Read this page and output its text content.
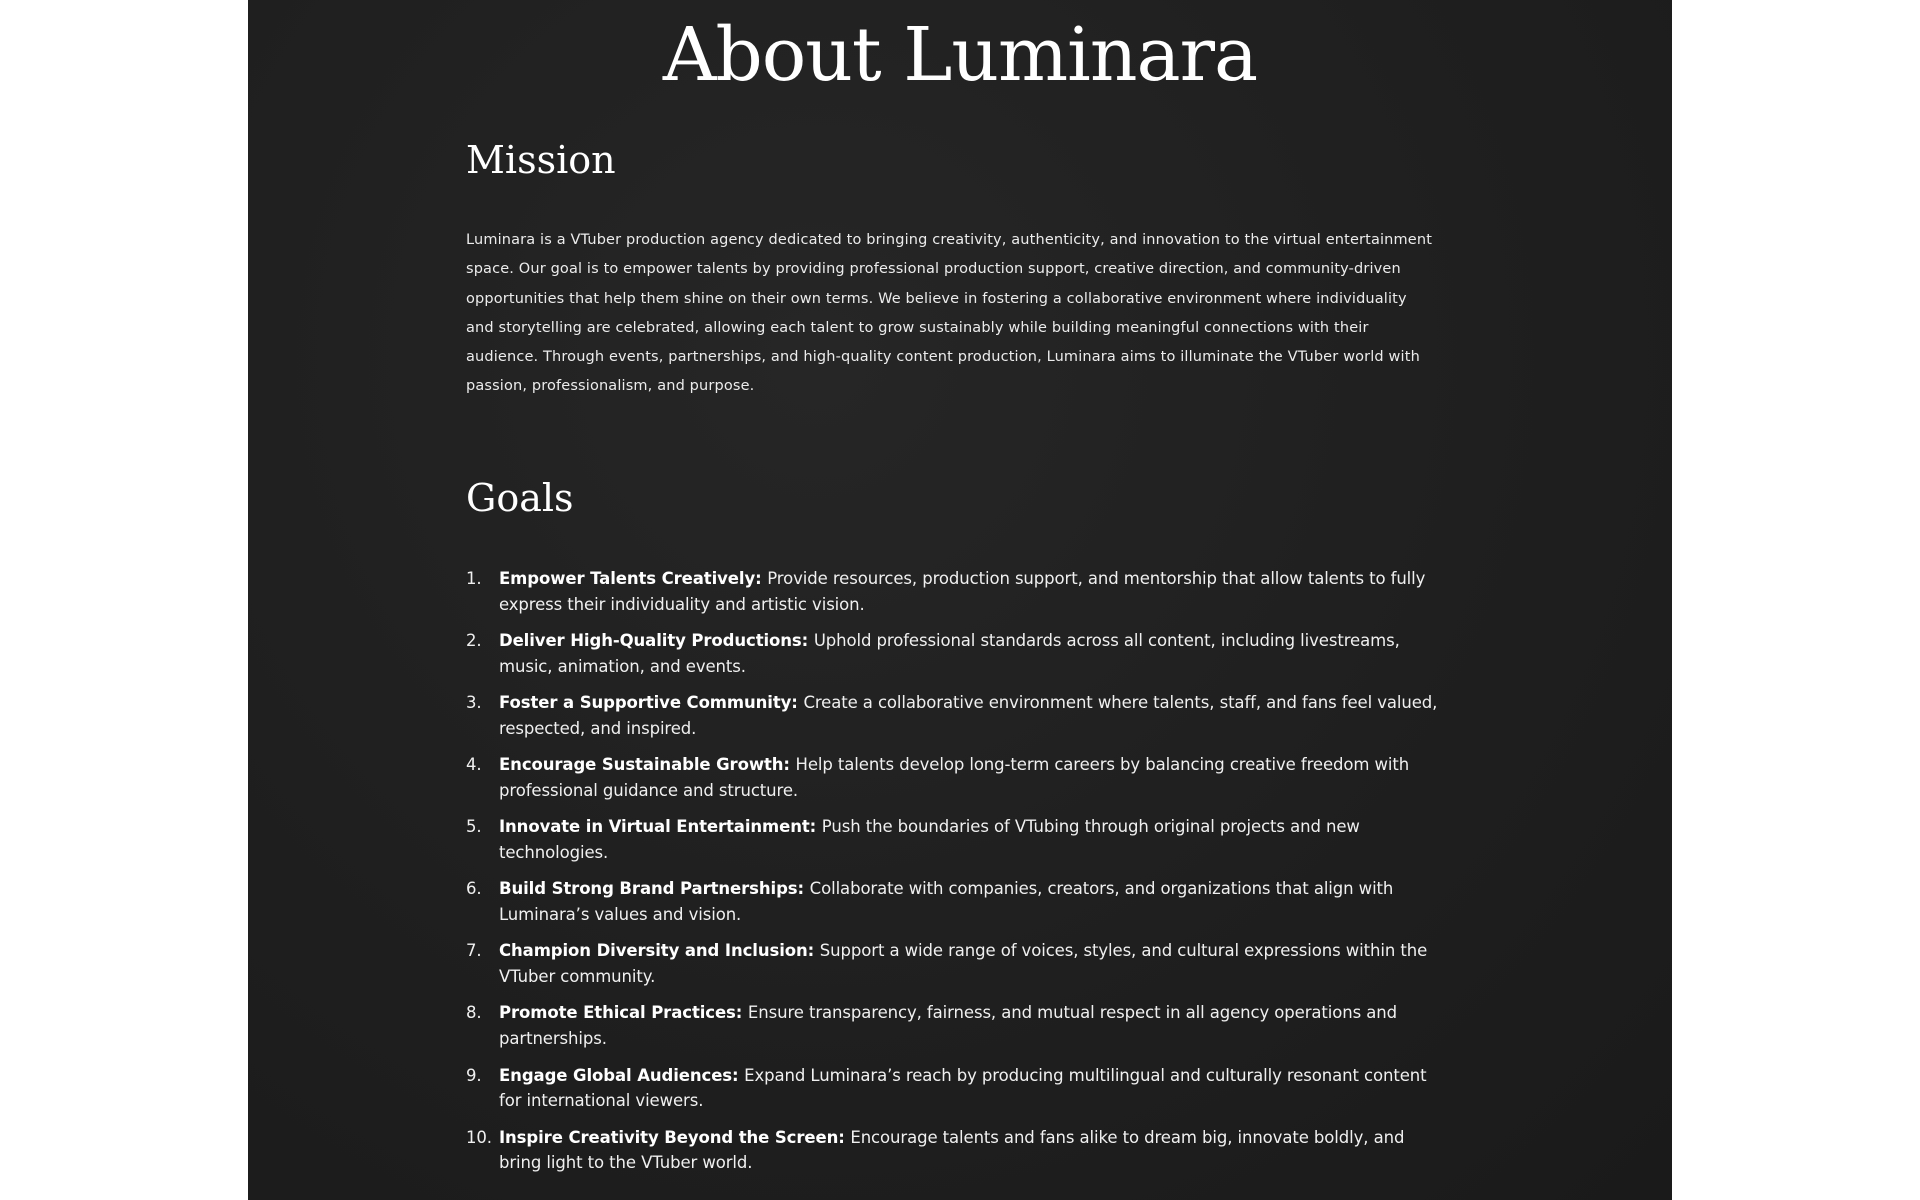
About Luminara
Mission

Luminara is a VTuber production agency dedicated to bringing creativity, authenticity, and innovation to the virtual entertainment space. Our goal is to empower talents by providing professional production support, creative direction, and community-driven opportunities that help them shine on their own terms. We believe in fostering a collaborative environment where individuality and storytelling are celebrated, allowing each talent to grow sustainably while building meaningful connections with their audience. Through events, partnerships, and high-quality content production, Luminara aims to illuminate the VTuber world with passion, professionalism, and purpose.

Goals
1. Empower Talents Creatively: Provide resources, production support, and mentorship that allow talents to fully express their individuality and artistic vision.
2. Deliver High-Quality Productions: Uphold professional standards across all content, including livestreams, music, animation, and events.
3. Foster a Supportive Community: Create a collaborative environment where talents, staff, and fans feel valued, respected, and inspired.
4. Encourage Sustainable Growth: Help talents develop long-term careers by balancing creative freedom with professional guidance and structure.
5. Innovate in Virtual Entertainment: Push the boundaries of VTubing through original projects and new technologies.
6. Build Strong Brand Partnerships: Collaborate with companies, creators, and organizations that align with Luminara’s values and vision.
7. Champion Diversity and Inclusion: Support a wide range of voices, styles, and cultural expressions within the VTuber community.
8. Promote Ethical Practices: Ensure transparency, fairness, and mutual respect in all agency operations and partnerships.
9. Engage Global Audiences: Expand Luminara’s reach by producing multilingual and culturally resonant content for international viewers.
10. Inspire Creativity Beyond the Screen: Encourage talents and fans alike to dream big, innovate boldly, and bring light to the VTuber world.
